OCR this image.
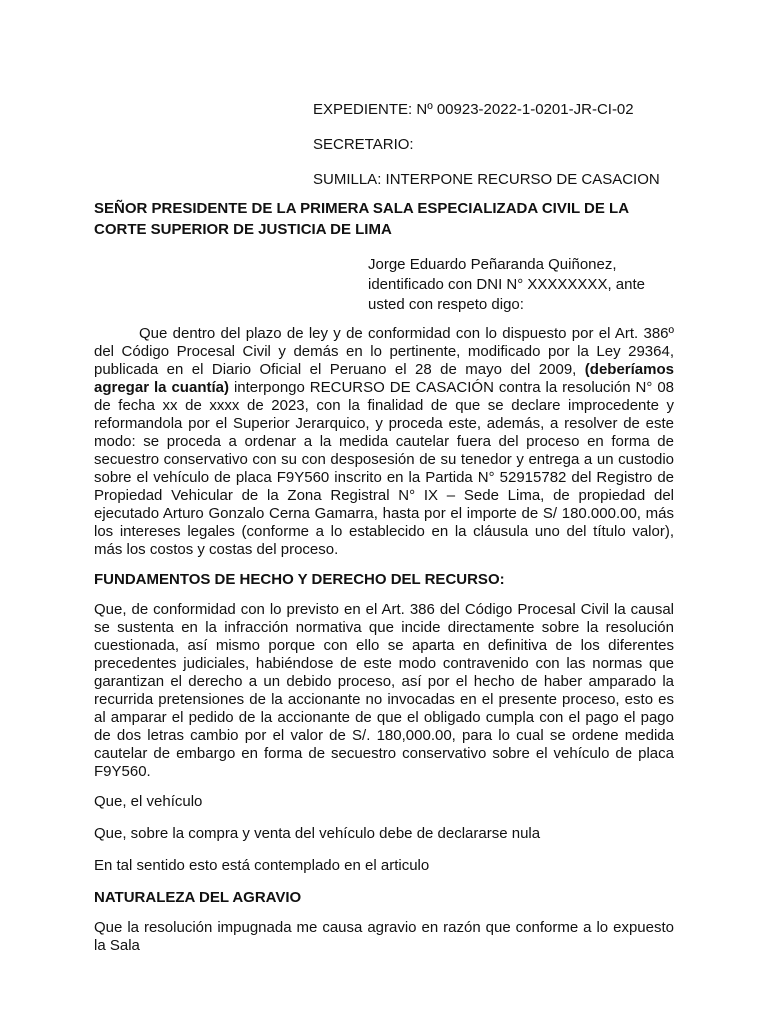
EXPEDIENTE: Nº 00923-2022-1-0201-JR-CI-02

SECRETARIO:

SUMILLA: INTERPONE RECURSO DE CASACION

SEÑOR PRESIDENTE DE LA PRIMERA SALA ESPECIALIZADA CIVIL DE LA CORTE SUPERIOR DE JUSTICIA DE LIMA

Jorge Eduardo Peñaranda Quiñonez, identificado con DNI N° XXXXXXXX, ante usted con respeto digo:

Que dentro del plazo de ley y de conformidad con lo dispuesto por el Art. 386º del Código Procesal Civil y demás en lo pertinente, modificado por la Ley 29364, publicada en el Diario Oficial el Peruano el 28 de mayo del 2009, (deberíamos agregar la cuantía) interpongo RECURSO DE CASACIÓN contra la resolución N° 08 de fecha xx de xxxx de 2023, con la finalidad de que se declare improcedente y reformandola por el Superior Jerarquico, y proceda este, además, a resolver de este modo: se proceda a ordenar a la medida cautelar fuera del proceso en forma de secuestro conservativo con su con desposesión de su tenedor y entrega a un custodio sobre el vehículo de placa F9Y560 inscrito en la Partida N° 52915782 del Registro de Propiedad Vehicular de la Zona Registral N° IX – Sede Lima, de propiedad del ejecutado Arturo Gonzalo Cerna Gamarra, hasta por el importe de S/ 180.000.00, más los intereses legales (conforme a lo establecido en la cláusula uno del título valor), más los costos y costas del proceso.

FUNDAMENTOS DE HECHO Y DERECHO DEL RECURSO:

Que, de conformidad con lo previsto en el Art. 386 del Código Procesal Civil la causal se sustenta en la infracción normativa que incide directamente sobre la resolución cuestionada, así mismo porque con ello se aparta en definitiva de los diferentes precedentes judiciales, habiéndose de este modo contravenido con las normas que garantizan el derecho a un debido proceso, así por el hecho de haber amparado la recurrida pretensiones de la accionante no invocadas en el presente proceso, esto es al amparar el pedido de la accionante de que el obligado cumpla con el pago el pago de dos letras cambio por el valor de S/. 180,000.00, para lo cual se ordene medida cautelar de embargo en forma de secuestro conservativo sobre el vehículo de placa F9Y560.

Que, el vehículo

Que, sobre la compra y venta del vehículo debe de declararse nula

En tal sentido esto está contemplado en el articulo

NATURALEZA DEL AGRAVIO

Que la resolución impugnada me causa agravio en razón que conforme a lo expuesto la Sala
